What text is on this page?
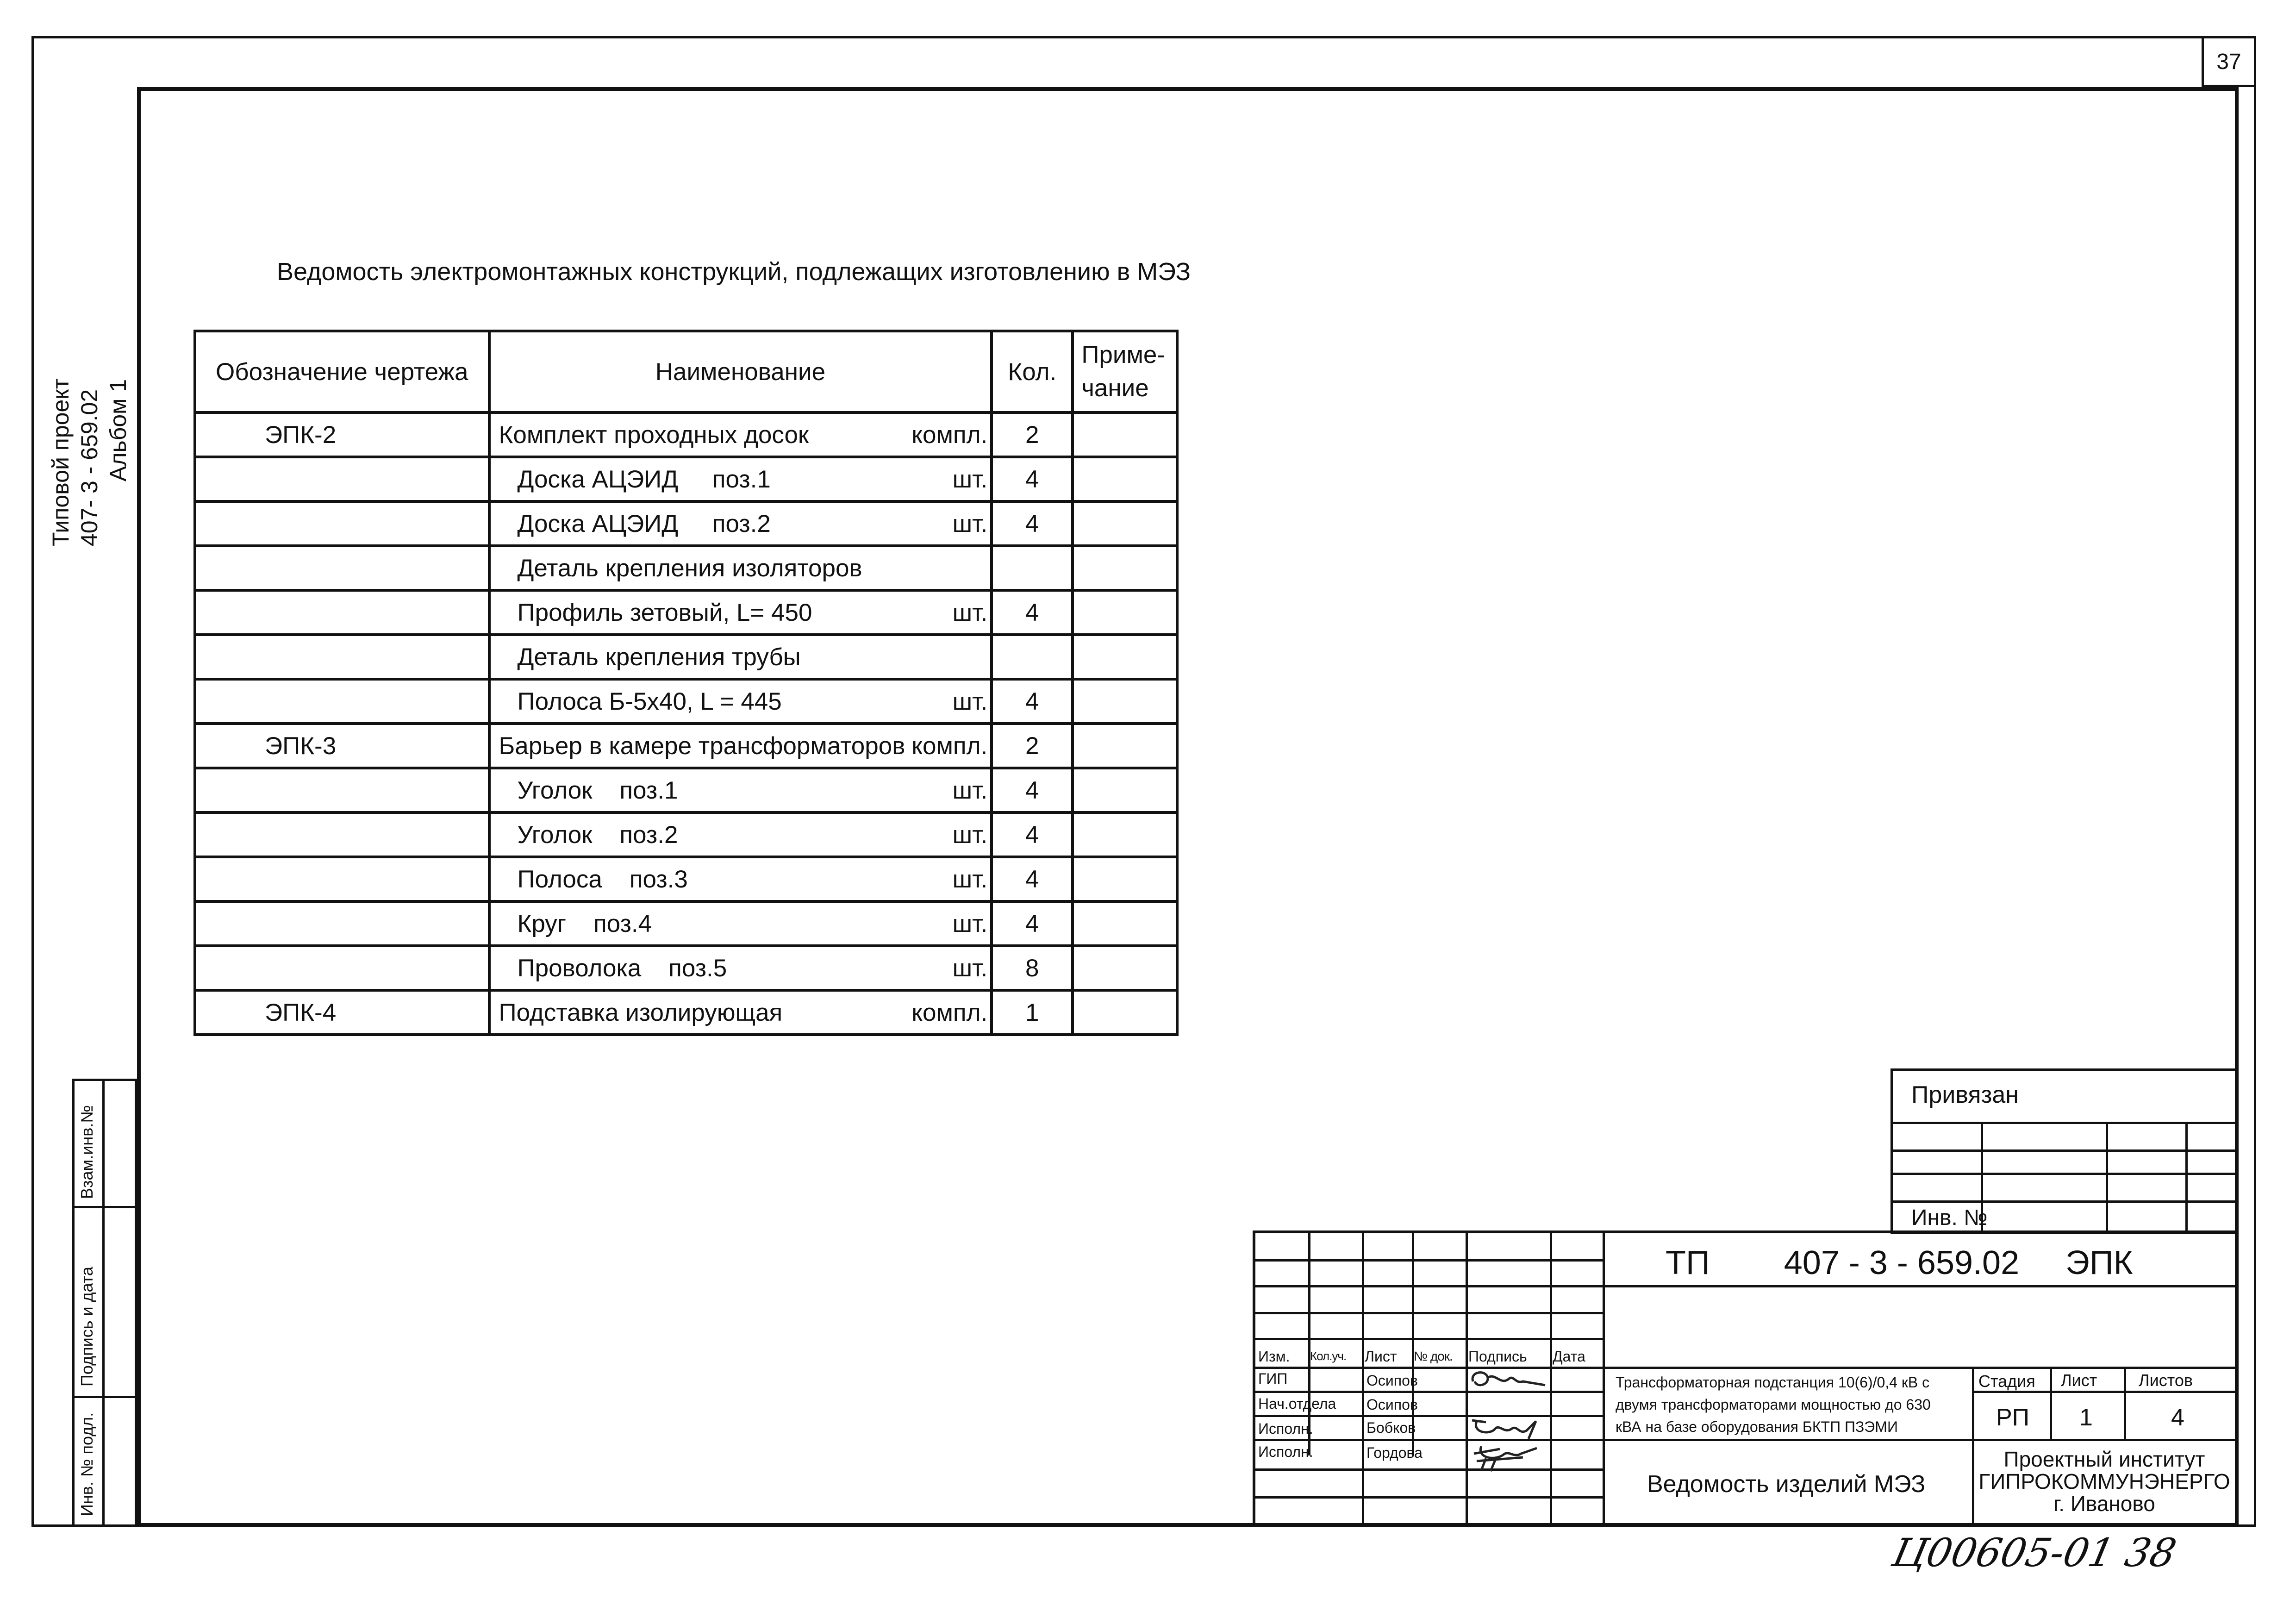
37
Типовой проект 407- 3 - 659.02 Альбом 1
Взам.инв.№
Подпись и дата
Инв. № подл.
Ведомость электромонтажных конструкций, подлежащих изготовлению в МЭЗ
Обозначение чертежа	Наименование	Кол.	Приме-
чание

ЭПК-2	Комплект проходных досок компл.	2	

	Доска АЦЭИД     поз.1 шт.	4	

	Доска АЦЭИД     поз.2 шт.	4	

	Деталь крепления изоляторов		

	Профиль зетовый, L= 450 шт.	4	

	Деталь крепления трубы		

	Полоса Б-5x40, L = 445 шт.	4	

ЭПК-3	Барьер в камере трансформаторов компл.	2	

	Уголок    поз.1 шт.	4	

	Уголок    поз.2 шт.	4	

	Полоса    поз.3 шт.	4	

	Круг    поз.4 шт.	4	

	Проволока    поз.5 шт.	8	

ЭПК-4	Подставка изолирующая компл.	1	

Привязан
Инв. №
Изм. Кол.уч. Лист № док. Подпись Дата
ГИП	Осипов
Нач.отдела Осипов
Исполн.	Бобков
Исполн.	Гордова
ТП        407 - 3 - 659.02     ЭПК
Трансформаторная подстанция 10(6)/0,4 кВ с
двумя трансформаторами мощностью до 630
кВА на базе оборудования БКТП ПЗЭМИ
Стадия Лист Листов
РП 1	4
Ведомость изделий МЭЗ
Проектный институт
ГИПРОКОММУНЭНЕРГО
г. Иваново
Ц00605-01 38
